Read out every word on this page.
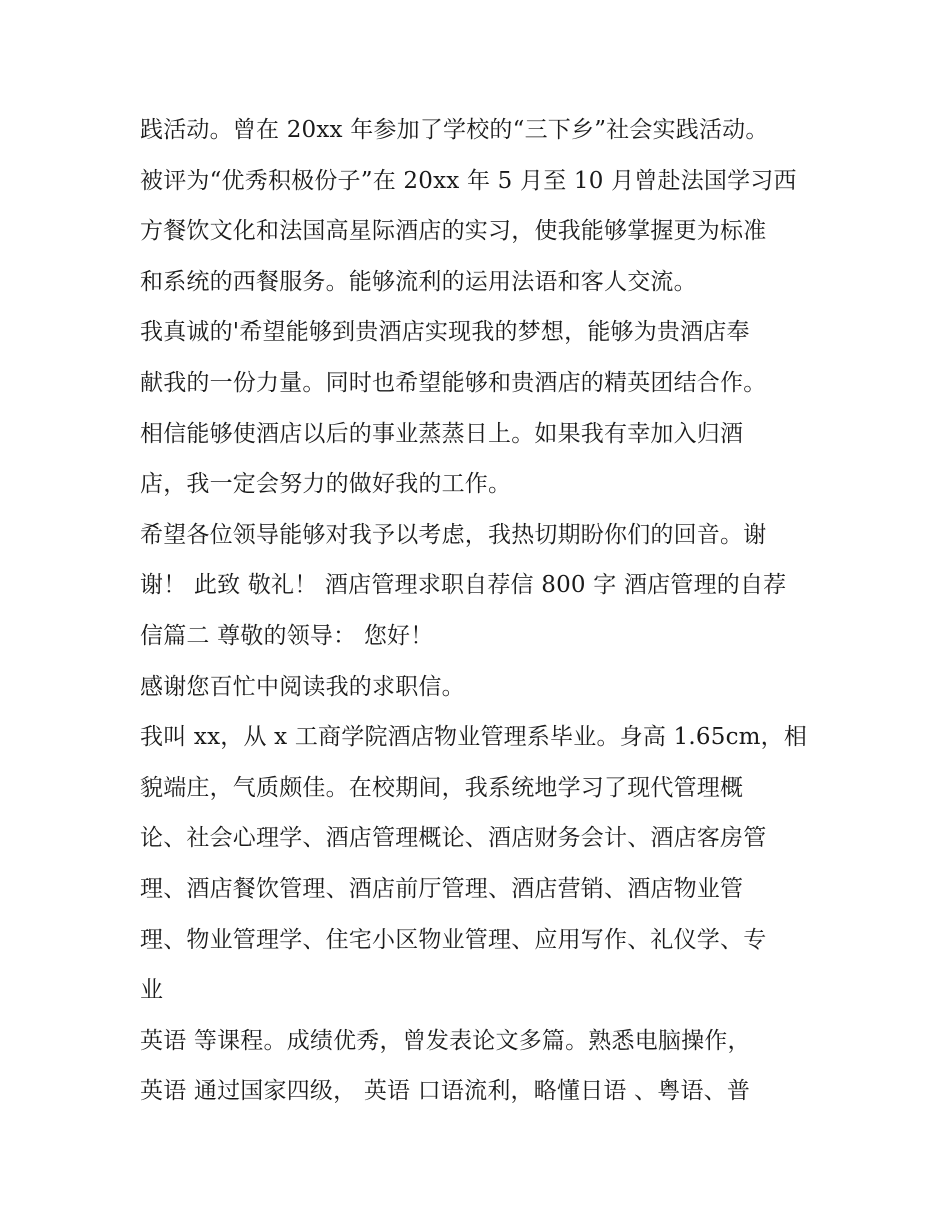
践活动。曾在 20xx 年参加了学校的“三下乡”社会实践活动。
被评为“优秀积极份子”在 20xx 年 5 月至 10 月曾赴法国学习西
方餐饮文化和法国高星际酒店的实习，使我能够掌握更为标准
和系统的西餐服务。能够流利的运用法语和客人交流。
我真诚的'希望能够到贵酒店实现我的梦想，能够为贵酒店奉
献我的一份力量。同时也希望能够和贵酒店的精英团结合作。
相信能够使酒店以后的事业蒸蒸日上。如果我有幸加入归酒
店，我一定会努力的做好我的工作。
希望各位领导能够对我予以考虑，我热切期盼你们的回音。谢
谢！ 此致 敬礼！ 酒店管理求职自荐信 800 字 酒店管理的自荐
信篇二 尊敬的领导： 您好！
感谢您百忙中阅读我的求职信。
我叫 xx，从 x 工商学院酒店物业管理系毕业。身高 1.65cm，相
貌端庄，气质颇佳。在校期间，我系统地学习了现代管理概
论、社会心理学、酒店管理概论、酒店财务会计、酒店客房管
理、酒店餐饮管理、酒店前厅管理、酒店营销、酒店物业管
理、物业管理学、住宅小区物业管理、应用写作、礼仪学、专
业
英语 等课程。成绩优秀，曾发表论文多篇。熟悉电脑操作，
英语 通过国家四级， 英语 口语流利，略懂日语 、粤语、普
